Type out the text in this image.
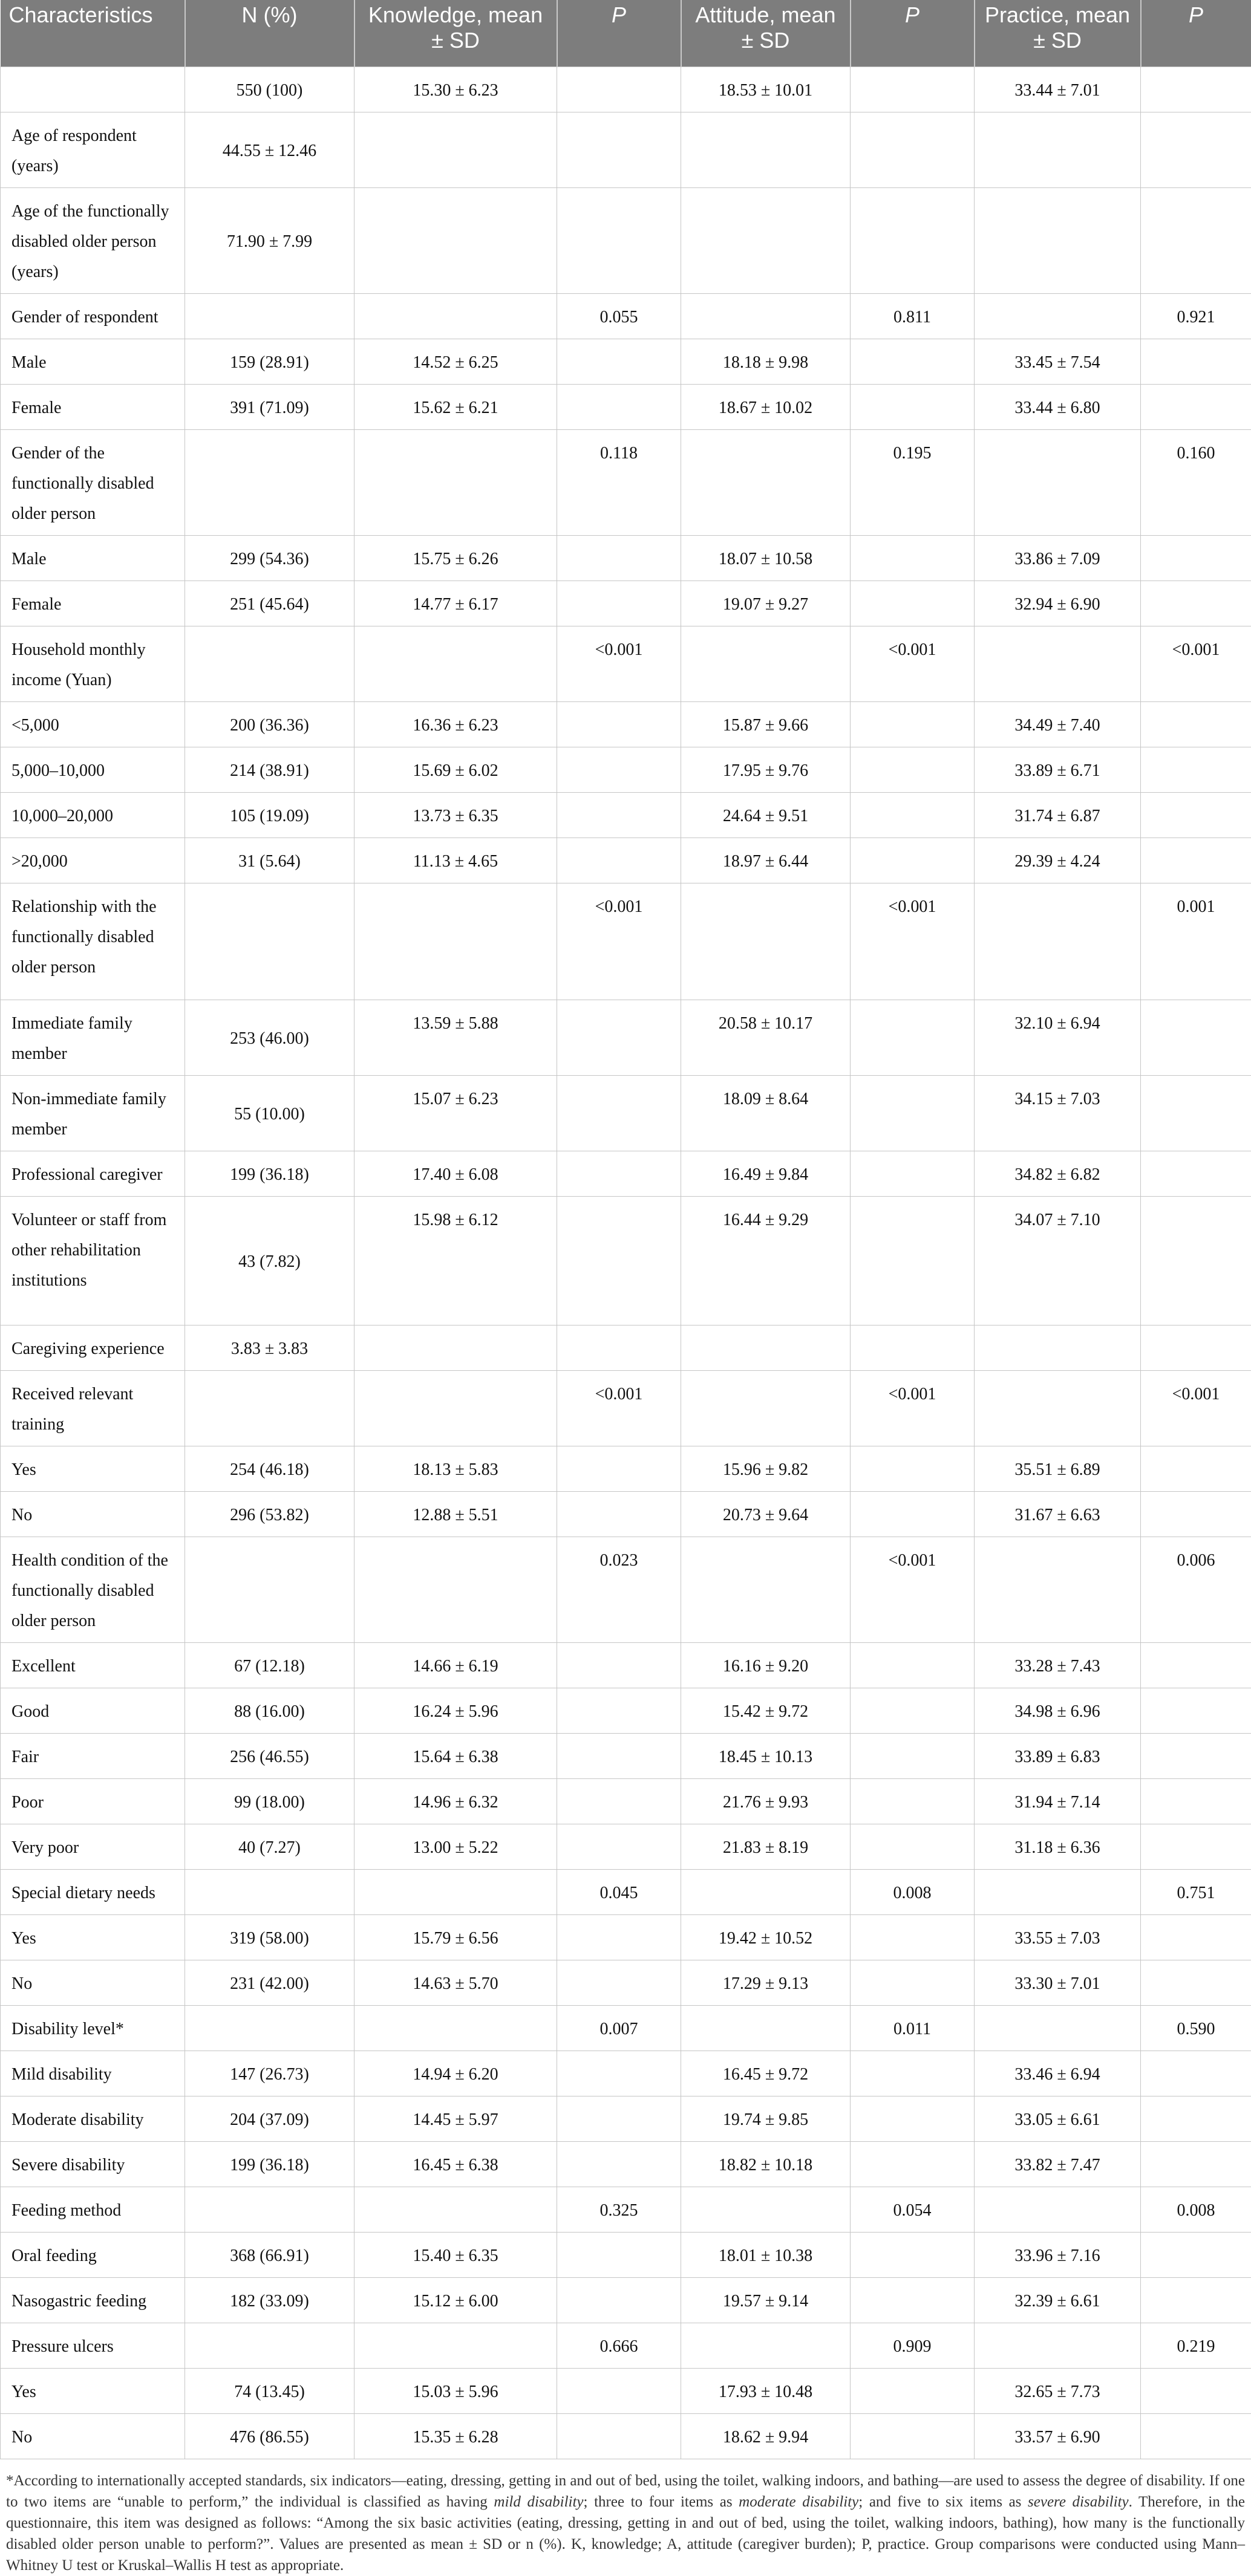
Characteristics	N (%)	Knowledge, mean ± SD	P	Attitude, mean ± SD	P	Practice, mean ± SD	P
	550 (100)	15.30 ± 6.23		18.53 ± 10.01		33.44 ± 7.01	
Age of respondent (years)	44.55 ± 12.46						
Age of the functionally disabled older person (years)	71.90 ± 7.99						
Gender of respondent			0.055		0.811		0.921
Male	159 (28.91)	14.52 ± 6.25		18.18 ± 9.98		33.45 ± 7.54	
Female	391 (71.09)	15.62 ± 6.21		18.67 ± 10.02		33.44 ± 6.80	
Gender of the functionally disabled older person			0.118		0.195		0.160
Male	299 (54.36)	15.75 ± 6.26		18.07 ± 10.58		33.86 ± 7.09	
Female	251 (45.64)	14.77 ± 6.17		19.07 ± 9.27		32.94 ± 6.90	
Household monthly income (Yuan)			<0.001		<0.001		<0.001
<5,000	200 (36.36)	16.36 ± 6.23		15.87 ± 9.66		34.49 ± 7.40	
5,000–10,000	214 (38.91)	15.69 ± 6.02		17.95 ± 9.76		33.89 ± 6.71	
10,000–20,000	105 (19.09)	13.73 ± 6.35		24.64 ± 9.51		31.74 ± 6.87	
>20,000	31 (5.64)	11.13 ± 4.65		18.97 ± 6.44		29.39 ± 4.24	
Relationship with the functionally disabled older person			<0.001		<0.001		0.001
Immediate family member	253 (46.00)	13.59 ± 5.88		20.58 ± 10.17		32.10 ± 6.94	
Non-immediate family member	55 (10.00)	15.07 ± 6.23		18.09 ± 8.64		34.15 ± 7.03	
Professional caregiver	199 (36.18)	17.40 ± 6.08		16.49 ± 9.84		34.82 ± 6.82	
Volunteer or staff from other rehabilitation institutions	43 (7.82)	15.98 ± 6.12		16.44 ± 9.29		34.07 ± 7.10	
Caregiving experience	3.83 ± 3.83						
Received relevant training			<0.001		<0.001		<0.001
Yes	254 (46.18)	18.13 ± 5.83		15.96 ± 9.82		35.51 ± 6.89	
No	296 (53.82)	12.88 ± 5.51		20.73 ± 9.64		31.67 ± 6.63	
Health condition of the functionally disabled older person			0.023		<0.001		0.006
Excellent	67 (12.18)	14.66 ± 6.19		16.16 ± 9.20		33.28 ± 7.43	
Good	88 (16.00)	16.24 ± 5.96		15.42 ± 9.72		34.98 ± 6.96	
Fair	256 (46.55)	15.64 ± 6.38		18.45 ± 10.13		33.89 ± 6.83	
Poor	99 (18.00)	14.96 ± 6.32		21.76 ± 9.93		31.94 ± 7.14	
Very poor	40 (7.27)	13.00 ± 5.22		21.83 ± 8.19		31.18 ± 6.36	
Special dietary needs			0.045		0.008		0.751
Yes	319 (58.00)	15.79 ± 6.56		19.42 ± 10.52		33.55 ± 7.03	
No	231 (42.00)	14.63 ± 5.70		17.29 ± 9.13		33.30 ± 7.01	
Disability level*			0.007		0.011		0.590
Mild disability	147 (26.73)	14.94 ± 6.20		16.45 ± 9.72		33.46 ± 6.94	
Moderate disability	204 (37.09)	14.45 ± 5.97		19.74 ± 9.85		33.05 ± 6.61	
Severe disability	199 (36.18)	16.45 ± 6.38		18.82 ± 10.18		33.82 ± 7.47	
Feeding method			0.325		0.054		0.008
Oral feeding	368 (66.91)	15.40 ± 6.35		18.01 ± 10.38		33.96 ± 7.16	
Nasogastric feeding	182 (33.09)	15.12 ± 6.00		19.57 ± 9.14		32.39 ± 6.61	
Pressure ulcers			0.666		0.909		0.219
Yes	74 (13.45)	15.03 ± 5.96		17.93 ± 10.48		32.65 ± 7.73	
No	476 (86.55)	15.35 ± 6.28		18.62 ± 9.94		33.57 ± 6.90	
*According to internationally accepted standards, six indicators—eating, dressing, getting in and out of bed, using the toilet, walking indoors, and bathing—are used to assess the degree of disability. If one to two items are “unable to perform,” the individual is classified as having mild disability; three to four items as moderate disability; and five to six items as severe disability. Therefore, in the questionnaire, this item was designed as follows: “Among the six basic activities (eating, dressing, getting in and out of bed, using the toilet, walking indoors, bathing), how many is the functionally disabled older person unable to perform?”. Values are presented as mean ± SD or n (%). K, knowledge; A, attitude (caregiver burden); P, practice. Group comparisons were conducted using Mann–Whitney U test or Kruskal–Wallis H test as appropriate.
